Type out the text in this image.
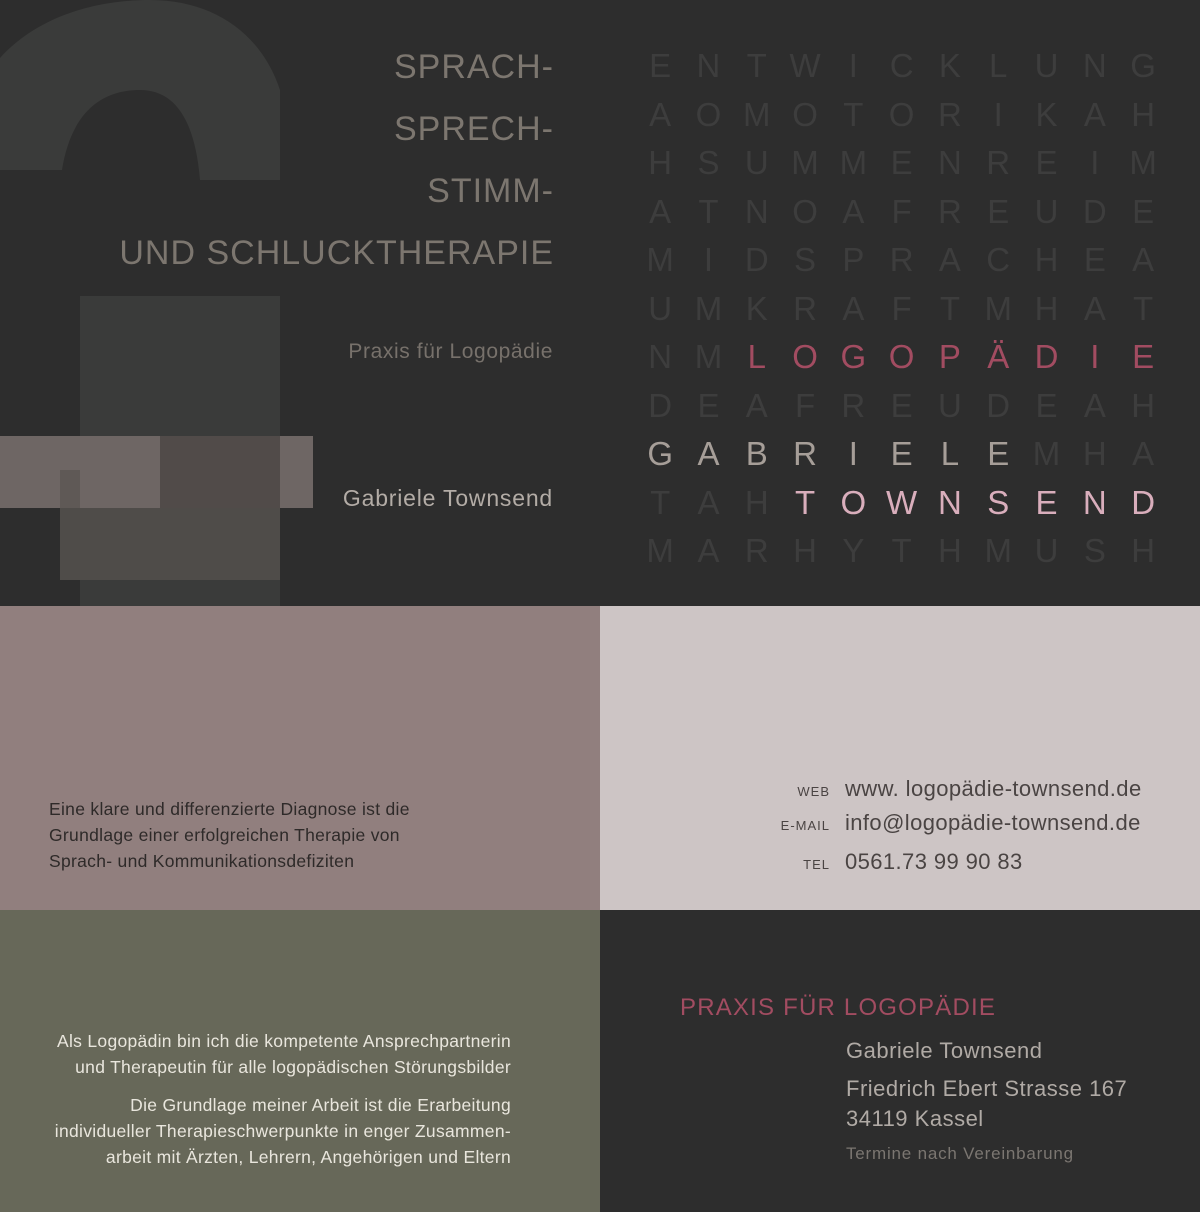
SPRACH-
SPRECH-
STIMM-
UND SCHLUCKTHERAPIE
Praxis für Logopädie
Gabriele Townsend
E N T W I C K L U N G
A O M O T O R I K A H
H S U M M E N R E I M
A T N O A F R E U D E
M I D S P R A C H E A
U M K R A F T M H A T
N M L O G O P Ä D I E
D E A F R E U D E A H
G A B R I E L E M H A
T A H T O W N S E N D
M A R H Y T H M U S H
Eine klare und differenzierte Diagnose ist die
Grundlage einer erfolgreichen Therapie von
Sprach- und Kommunikationsdefiziten
WEB www. logopädie-townsend.de
E-MAIL info@logopädie-townsend.de
TEL 0561.73 99 90 83

Als Logopädin bin ich die kompetente Ansprechpartnerin
und Therapeutin für alle logopädischen Störungsbilder

Die Grundlage meiner Arbeit ist die Erarbeitung
individueller Therapieschwerpunkte in enger Zusammen-
arbeit mit Ärzten, Lehrern, Angehörigen und Eltern

PRAXIS FÜR LOGOPÄDIE
Gabriele Townsend
Friedrich Ebert Strasse 167
34119 Kassel
Termine nach Vereinbarung
